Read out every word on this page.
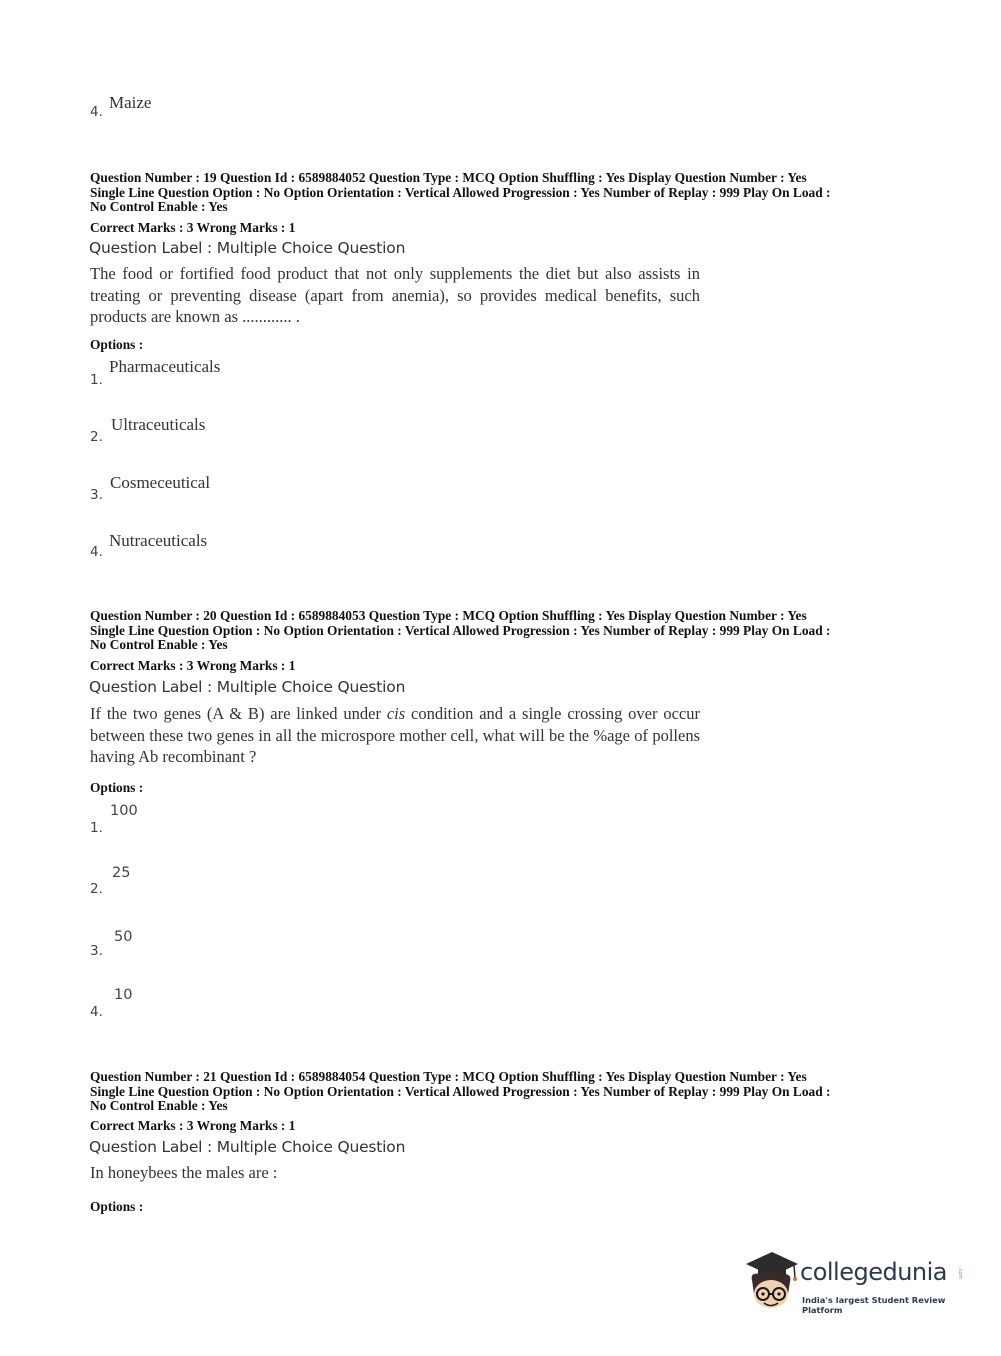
4. Maize
Question Number : 19 Question Id : 6589884052 Question Type : MCQ Option Shuffling : Yes Display Question Number : Yes
Single Line Question Option : No Option Orientation : Vertical Allowed Progression : Yes Number of Replay : 999 Play On Load :
No Control Enable : Yes
Correct Marks : 3 Wrong Marks : 1
Question Label : Multiple Choice Question
The food or fortified food product that not only supplements the diet but also assists in treating or preventing disease (apart from anemia), so provides medical benefits, such products are known as ............ .
Options :
1.
Pharmaceuticals
2.
Ultraceuticals
3.
Cosmeceutical
4.
Nutraceuticals
Question Number : 20 Question Id : 6589884053 Question Type : MCQ Option Shuffling : Yes Display Question Number : Yes
Single Line Question Option : No Option Orientation : Vertical Allowed Progression : Yes Number of Replay : 999 Play On Load :
No Control Enable : Yes
Correct Marks : 3 Wrong Marks : 1
Question Label : Multiple Choice Question
If the two genes (A & B) are linked under cis condition and a single crossing over occur between these two genes in all the microspore mother cell, what will be the %age of pollens having Ab recombinant ?
Options :
1.
100
2.
25
3.
50
4.
10
Question Number : 21 Question Id : 6589884054 Question Type : MCQ Option Shuffling : Yes Display Question Number : Yes
Single Line Question Option : No Option Orientation : Vertical Allowed Progression : Yes Number of Replay : 999 Play On Load :
No Control Enable : Yes
Correct Marks : 3 Wrong Marks : 1
Question Label : Multiple Choice Question
In honeybees the males are :
Options :
collegedunia .com
India's largest Student Review Platform
